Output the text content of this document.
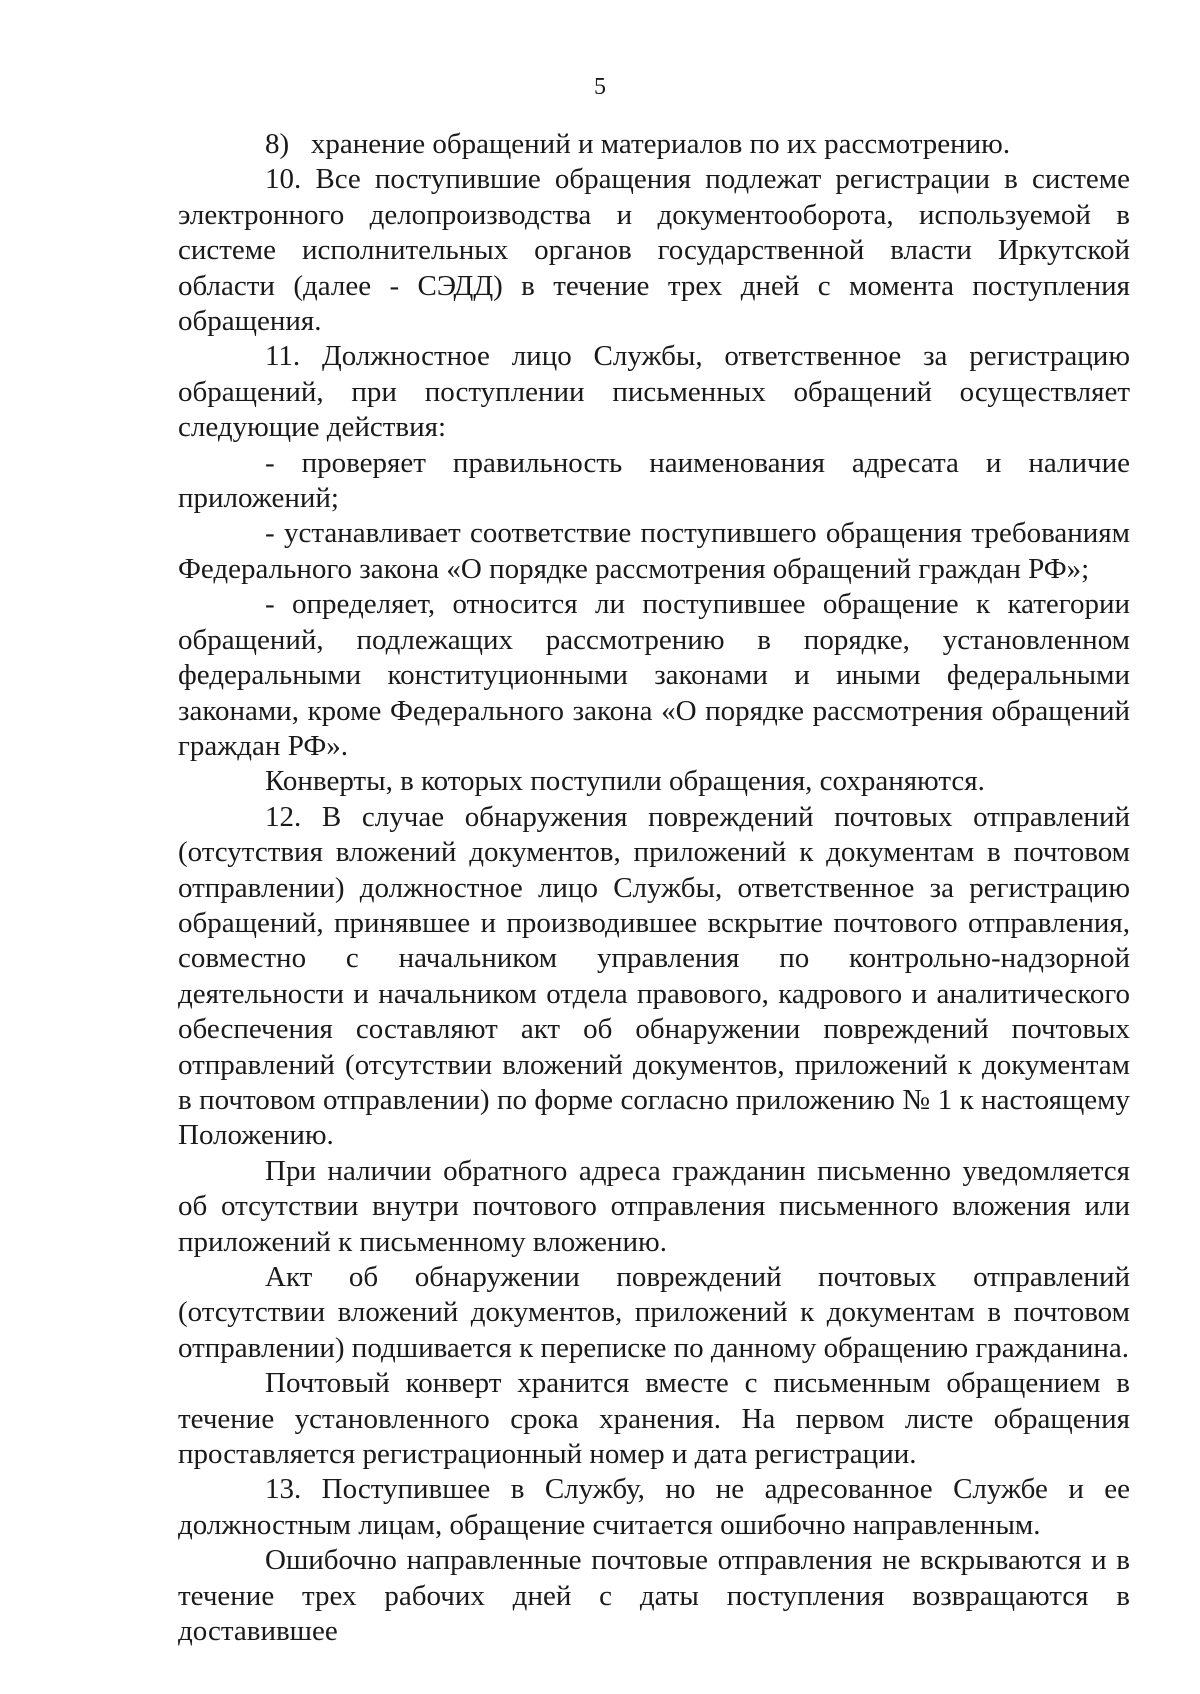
5

8)   хранение обращений и материалов по их рассмотрению.

10. Все поступившие обращения подлежат регистрации в системе электронного делопроизводства и документооборота, используемой в системе исполнительных органов государственной власти Иркутской области (далее - СЭДД) в течение трех дней с момента поступления обращения.

11. Должностное лицо Службы, ответственное за регистрацию обращений, при поступлении письменных обращений осуществляет следующие действия:

- проверяет правильность наименования адресата и наличие приложений;

- устанавливает соответствие поступившего обращения требованиям Федерального закона «О порядке рассмотрения обращений граждан РФ»;

- определяет, относится ли поступившее обращение к категории обращений, подлежащих рассмотрению в порядке, установленном федеральными конституционными законами и иными федеральными законами, кроме Федерального закона «О порядке рассмотрения обращений граждан РФ».

Конверты, в которых поступили обращения, сохраняются.

12. В случае обнаружения повреждений почтовых отправлений (отсутствия вложений документов, приложений к документам в почтовом отправлении) должностное лицо Службы, ответственное за регистрацию обращений, принявшее и производившее вскрытие почтового отправления, совместно с начальником управления по контрольно-надзорной деятельности и начальником отдела правового, кадрового и аналитического обеспечения составляют акт об обнаружении повреждений почтовых отправлений (отсутствии вложений документов, приложений к документам в почтовом отправлении) по форме согласно приложению № 1 к настоящему Положению.

При наличии обратного адреса гражданин письменно уведомляется об отсутствии внутри почтового отправления письменного вложения или приложений к письменному вложению.

Акт об обнаружении повреждений почтовых отправлений (отсутствии вложений документов, приложений к документам в почтовом отправлении) подшивается к переписке по данному обращению гражданина.

Почтовый конверт хранится вместе с письменным обращением в течение установленного срока хранения. На первом листе обращения проставляется регистрационный номер и дата регистрации.

13. Поступившее в Службу, но не адресованное Службе и ее должностным лицам, обращение считается ошибочно направленным.

Ошибочно направленные почтовые отправления не вскрываются и в течение трех рабочих дней с даты поступления возвращаются в доставившее
